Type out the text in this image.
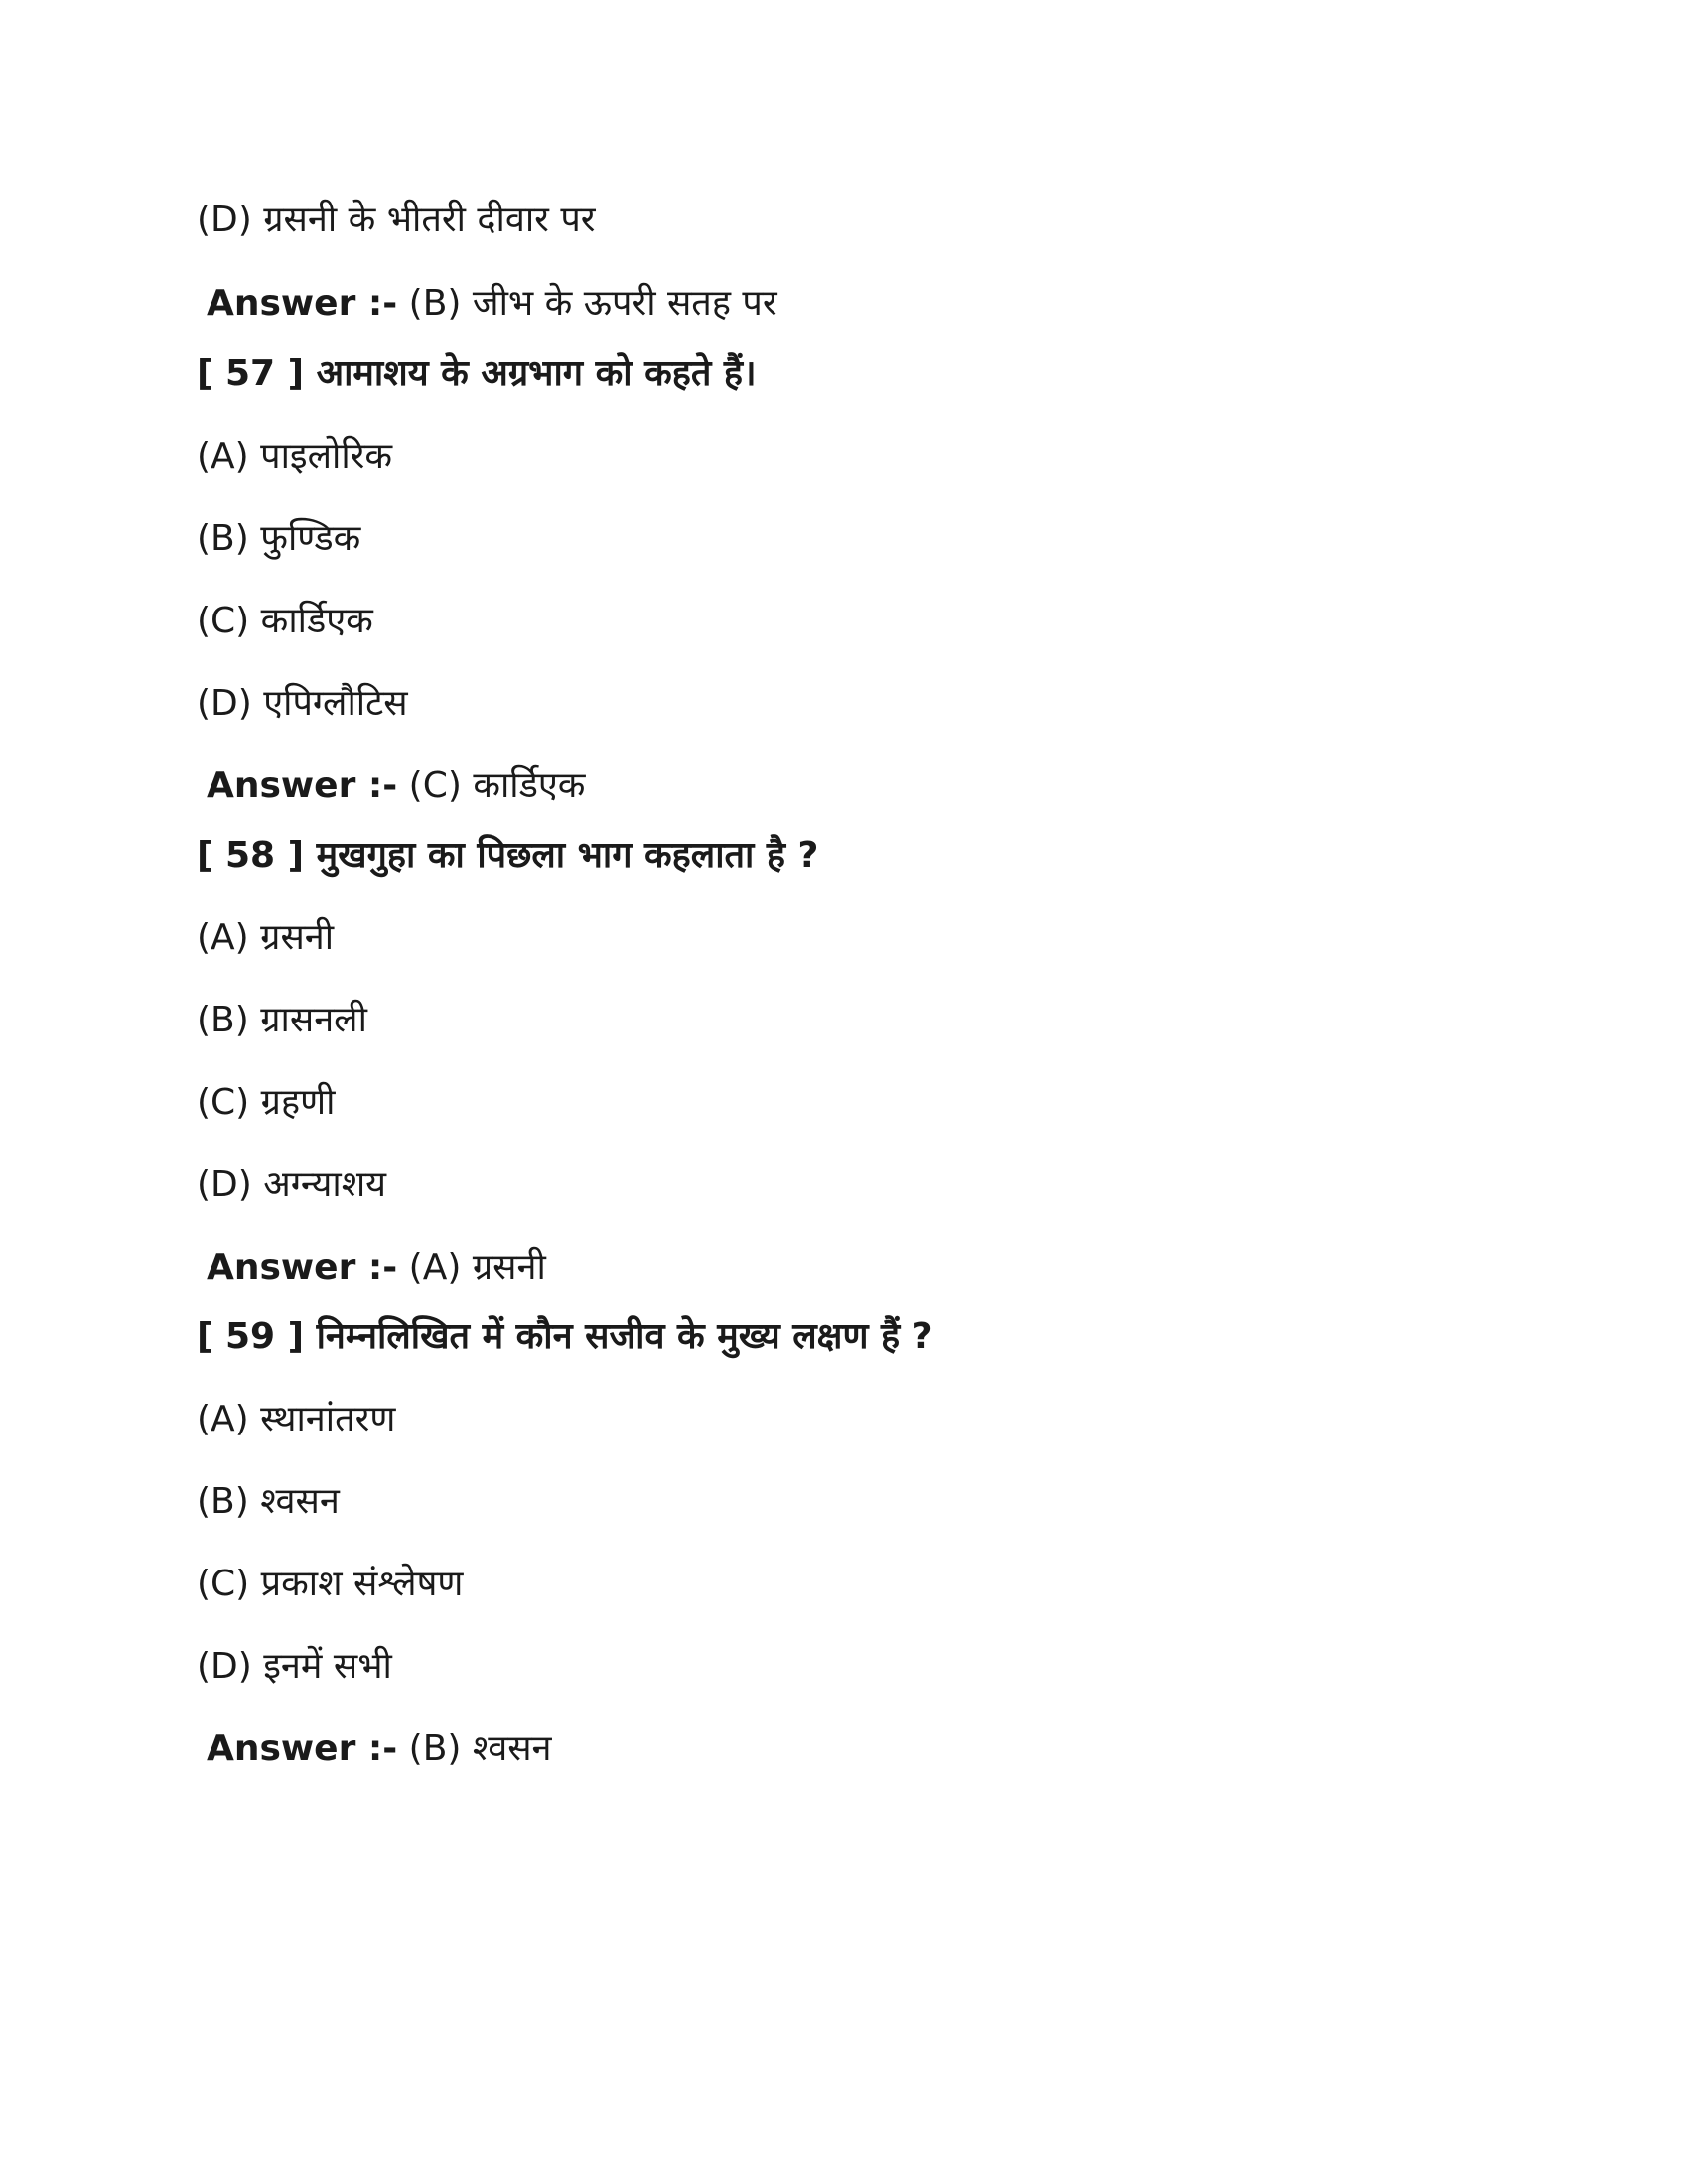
(D) ग्रसनी के भीतरी दीवार पर
Answer :- (B) जीभ के ऊपरी सतह पर
[ 57 ] आमाशय के अग्रभाग को कहते हैं।
(A) पाइलोरिक
(B) फुण्डिक
(C) कार्डिएक
(D) एपिग्लौटिस
Answer :- (C) कार्डिएक
[ 58 ] मुखगुहा का पिछला भाग कहलाता है ?
(A) ग्रसनी
(B) ग्रासनली
(C) ग्रहणी
(D) अग्न्याशय
Answer :- (A) ग्रसनी
[ 59 ] निम्नलिखित में कौन सजीव के मुख्य लक्षण हैं ?
(A) स्थानांतरण
(B) श्वसन
(C) प्रकाश संश्लेषण
(D) इनमें सभी
Answer :- (B) श्वसन
